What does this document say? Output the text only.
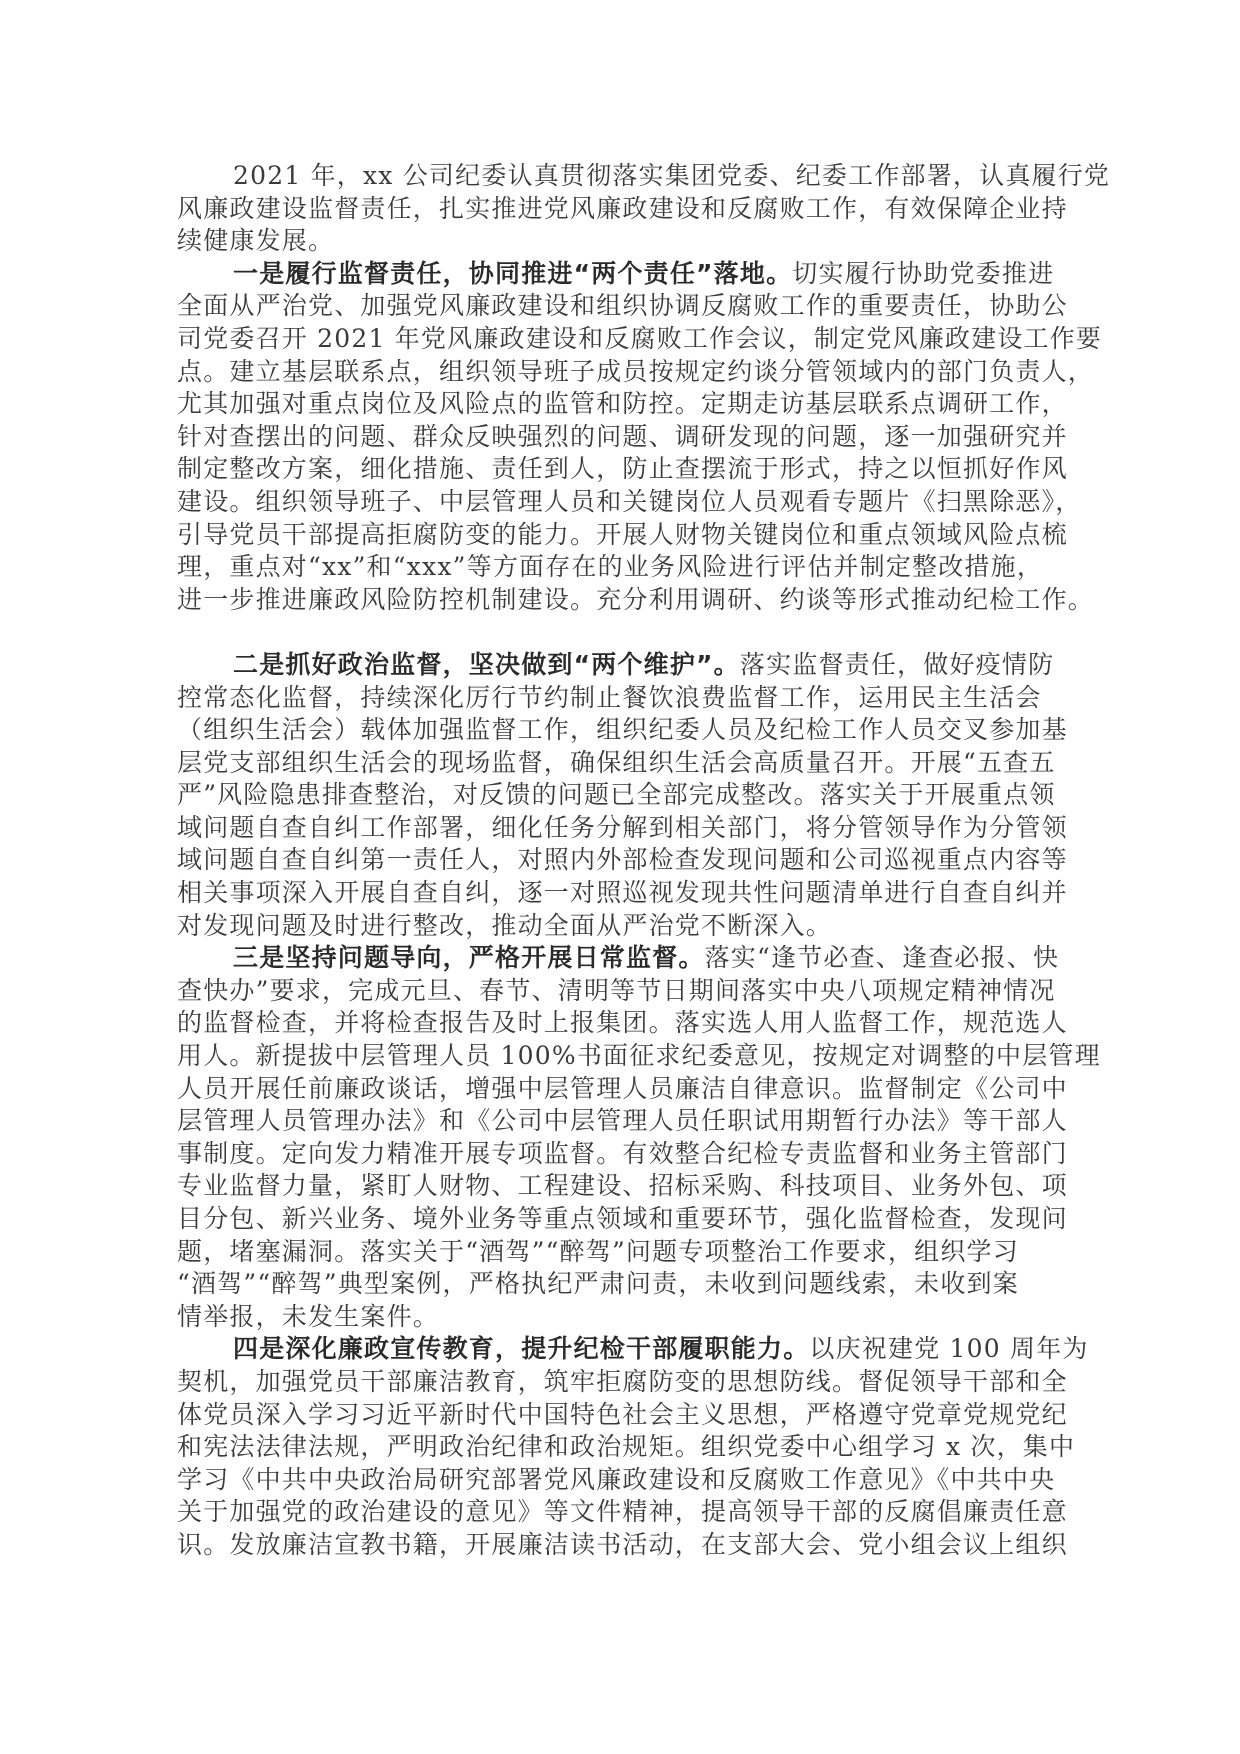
2021 年，xx 公司纪委认真贯彻落实集团党委、纪委工作部署，认真履行党
风廉政建设监督责任，扎实推进党风廉政建设和反腐败工作，有效保障企业持
续健康发展。
一是履行监督责任，协同推进“两个责任”落地。切实履行协助党委推进
全面从严治党、加强党风廉政建设和组织协调反腐败工作的重要责任，协助公
司党委召开 2021 年党风廉政建设和反腐败工作会议，制定党风廉政建设工作要
点。建立基层联系点，组织领导班子成员按规定约谈分管领域内的部门负责人，
尤其加强对重点岗位及风险点的监管和防控。定期走访基层联系点调研工作，
针对查摆出的问题、群众反映强烈的问题、调研发现的问题，逐一加强研究并
制定整改方案，细化措施、责任到人，防止查摆流于形式，持之以恒抓好作风
建设。组织领导班子、中层管理人员和关键岗位人员观看专题片《扫黑除恶》，
引导党员干部提高拒腐防变的能力。开展人财物关键岗位和重点领域风险点梳
理，重点对“xx”和“xxx”等方面存在的业务风险进行评估并制定整改措施，
进一步推进廉政风险防控机制建设。充分利用调研、约谈等形式推动纪检工作。
二是抓好政治监督，坚决做到“两个维护”。落实监督责任，做好疫情防
控常态化监督，持续深化厉行节约制止餐饮浪费监督工作，运用民主生活会
（组织生活会）载体加强监督工作，组织纪委人员及纪检工作人员交叉参加基
层党支部组织生活会的现场监督，确保组织生活会高质量召开。开展“五查五
严”风险隐患排查整治，对反馈的问题已全部完成整改。落实关于开展重点领
域问题自查自纠工作部署，细化任务分解到相关部门，将分管领导作为分管领
域问题自查自纠第一责任人，对照内外部检查发现问题和公司巡视重点内容等
相关事项深入开展自查自纠，逐一对照巡视发现共性问题清单进行自查自纠并
对发现问题及时进行整改，推动全面从严治党不断深入。
三是坚持问题导向，严格开展日常监督。落实“逢节必查、逢查必报、快
查快办”要求，完成元旦、春节、清明等节日期间落实中央八项规定精神情况
的监督检查，并将检查报告及时上报集团。落实选人用人监督工作，规范选人
用人。新提拔中层管理人员 100%书面征求纪委意见，按规定对调整的中层管理
人员开展任前廉政谈话，增强中层管理人员廉洁自律意识。监督制定《公司中
层管理人员管理办法》和《公司中层管理人员任职试用期暂行办法》等干部人
事制度。定向发力精准开展专项监督。有效整合纪检专责监督和业务主管部门
专业监督力量，紧盯人财物、工程建设、招标采购、科技项目、业务外包、项
目分包、新兴业务、境外业务等重点领域和重要环节，强化监督检查，发现问
题，堵塞漏洞。落实关于“酒驾”“醉驾”问题专项整治工作要求，组织学习
“酒驾”“醉驾”典型案例，严格执纪严肃问责，未收到问题线索，未收到案
情举报，未发生案件。
四是深化廉政宣传教育，提升纪检干部履职能力。以庆祝建党 100 周年为
契机，加强党员干部廉洁教育，筑牢拒腐防变的思想防线。督促领导干部和全
体党员深入学习习近平新时代中国特色社会主义思想，严格遵守党章党规党纪
和宪法法律法规，严明政治纪律和政治规矩。组织党委中心组学习 x 次，集中
学习《中共中央政治局研究部署党风廉政建设和反腐败工作意见》《中共中央
关于加强党的政治建设的意见》等文件精神，提高领导干部的反腐倡廉责任意
识。发放廉洁宣教书籍，开展廉洁读书活动，在支部大会、党小组会议上组织
